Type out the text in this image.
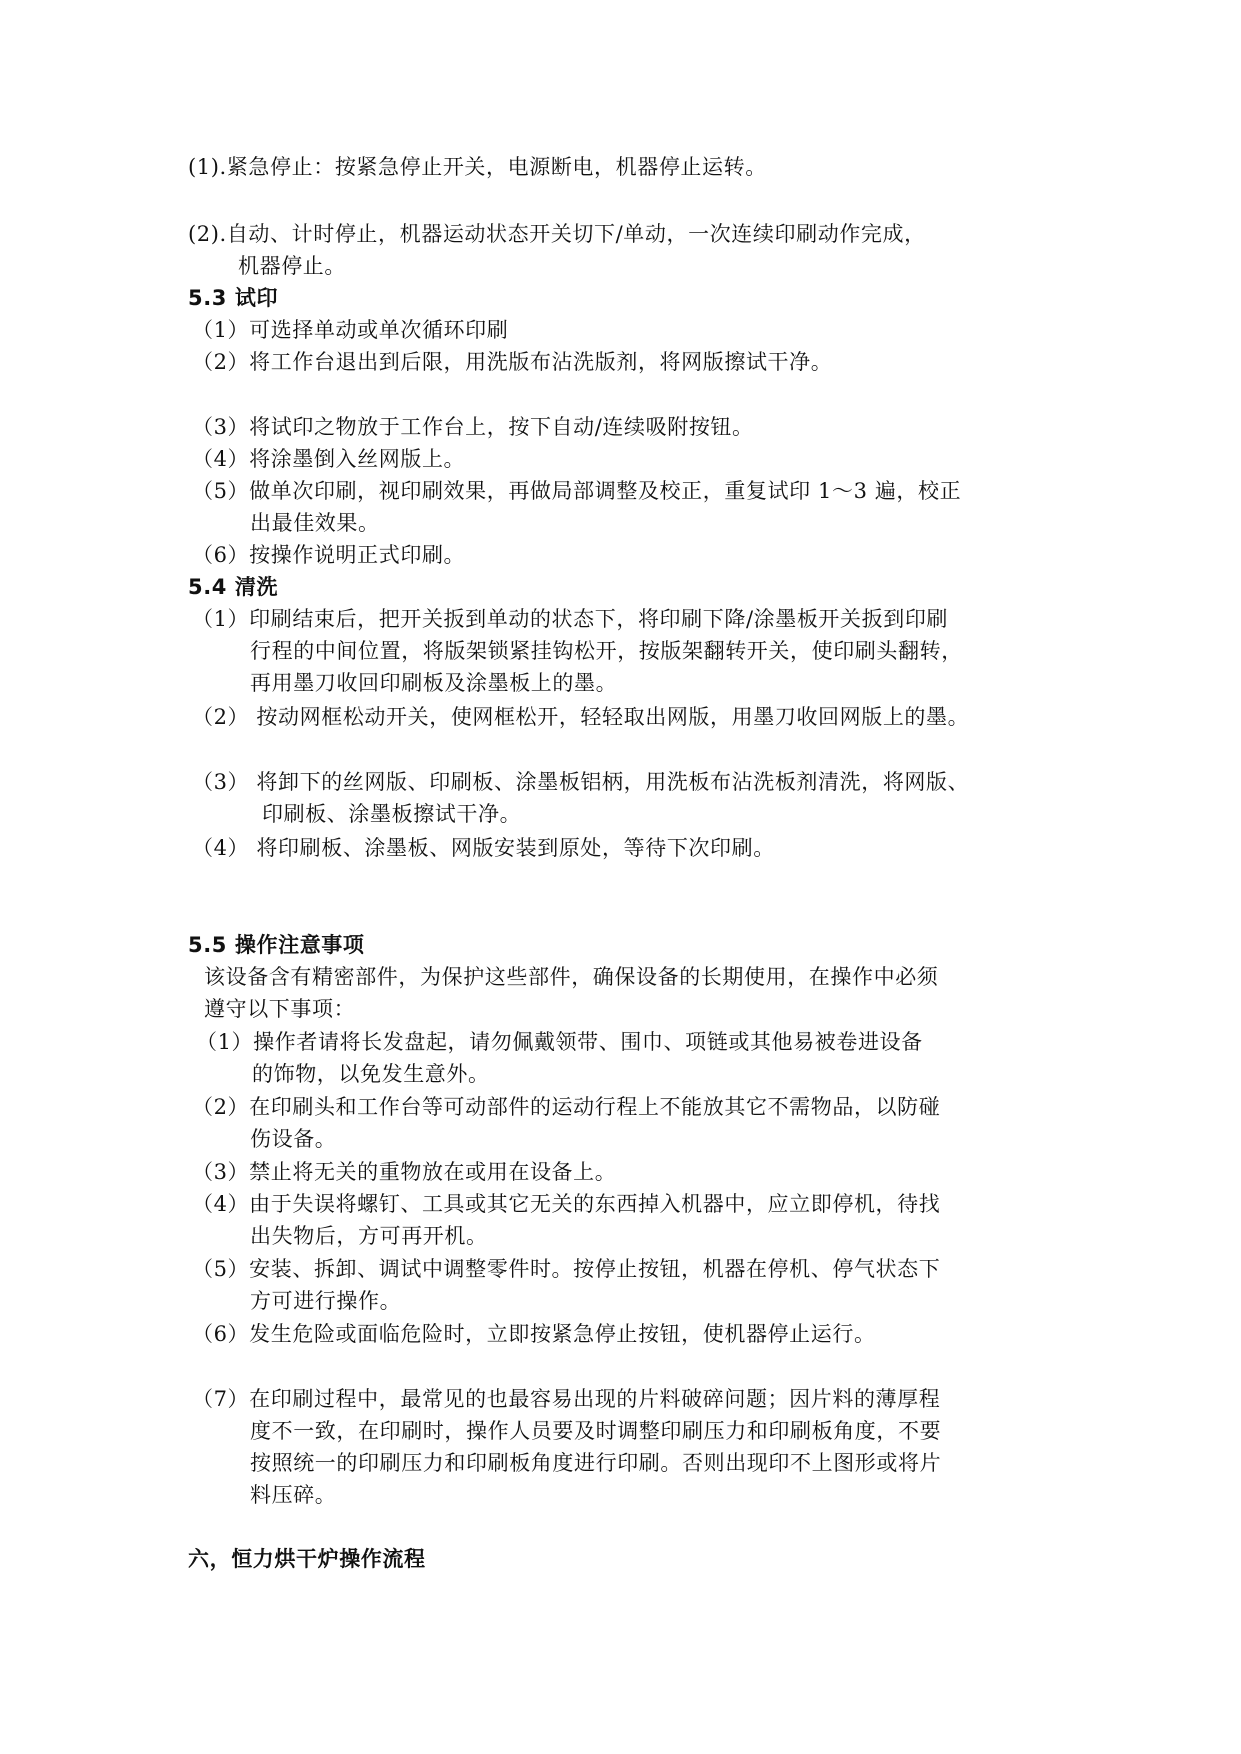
(1).紧急停止：按紧急停止开关，电源断电，机器停止运转。
(2).自动、计时停止，机器运动状态开关切下/单动，一次连续印刷动作完成，
机器停止。
5.3 试印
（1）可选择单动或单次循环印刷
（2）将工作台退出到后限，用洗版布沾洗版剂，将网版擦试干净。
（3）将试印之物放于工作台上，按下自动/连续吸附按钮。
（4）将涂墨倒入丝网版上。
（5）做单次印刷，视印刷效果，再做局部调整及校正，重复试印 1～3 遍，校正
出最佳效果。
（6）按操作说明正式印刷。
5.4 清洗
（1）印刷结束后，把开关扳到单动的状态下，将印刷下降/涂墨板开关扳到印刷
行程的中间位置，将版架锁紧挂钩松开，按版架翻转开关，使印刷头翻转，
再用墨刀收回印刷板及涂墨板上的墨。
（2） 按动网框松动开关，使网框松开，轻轻取出网版，用墨刀收回网版上的墨。
（3） 将卸下的丝网版、印刷板、涂墨板铝柄，用洗板布沾洗板剂清洗，将网版、
印刷板、涂墨板擦试干净。
（4） 将印刷板、涂墨板、网版安装到原处，等待下次印刷。
5.5 操作注意事项
该设备含有精密部件，为保护这些部件，确保设备的长期使用，在操作中必须
遵守以下事项：
（1）操作者请将长发盘起，请勿佩戴领带、围巾、项链或其他易被卷进设备
的饰物，以免发生意外。
（2）在印刷头和工作台等可动部件的运动行程上不能放其它不需物品，以防碰
伤设备。
（3）禁止将无关的重物放在或用在设备上。
（4）由于失误将螺钉、工具或其它无关的东西掉入机器中，应立即停机，待找
出失物后，方可再开机。
（5）安装、拆卸、调试中调整零件时。按停止按钮，机器在停机、停气状态下
方可进行操作。
（6）发生危险或面临危险时，立即按紧急停止按钮，使机器停止运行。
（7）在印刷过程中，最常见的也最容易出现的片料破碎问题；因片料的薄厚程
度不一致，在印刷时，操作人员要及时调整印刷压力和印刷板角度，不要
按照统一的印刷压力和印刷板角度进行印刷。否则出现印不上图形或将片
料压碎。
六，恒力烘干炉操作流程
